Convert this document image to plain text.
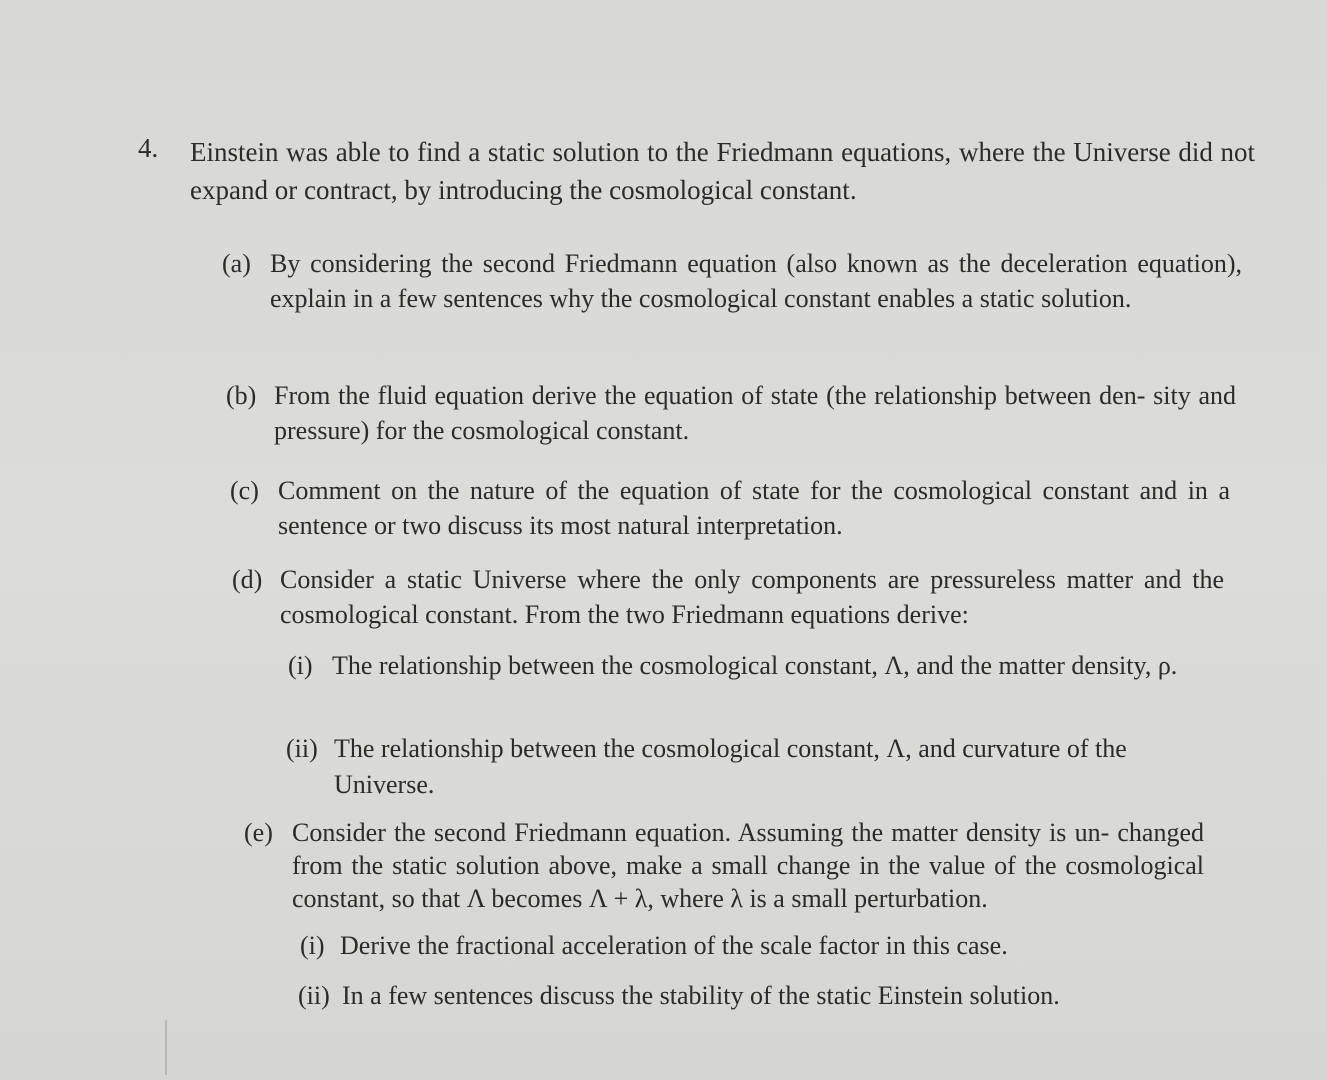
4. Einstein was able to find a static solution to the Friedmann equations, where the Universe did not expand or contract, by introducing the cosmological constant.
(a) By considering the second Friedmann equation (also known as the deceleration equation), explain in a few sentences why the cosmological constant enables a static solution.
(b) From the fluid equation derive the equation of state (the relationship between den- sity and pressure) for the cosmological constant.
(c) Comment on the nature of the equation of state for the cosmological constant and in a sentence or two discuss its most natural interpretation.
(d) Consider a static Universe where the only components are pressureless matter and the cosmological constant. From the two Friedmann equations derive:
(i) The relationship between the cosmological constant, Λ, and the matter density, ρ.
(ii) The relationship between the cosmological constant, Λ, and curvature of the Universe.
(e) Consider the second Friedmann equation. Assuming the matter density is un- changed from the static solution above, make a small change in the value of the cosmological constant, so that Λ becomes Λ + λ, where λ is a small perturbation.
(i) Derive the fractional acceleration of the scale factor in this case.
(ii) In a few sentences discuss the stability of the static Einstein solution.
